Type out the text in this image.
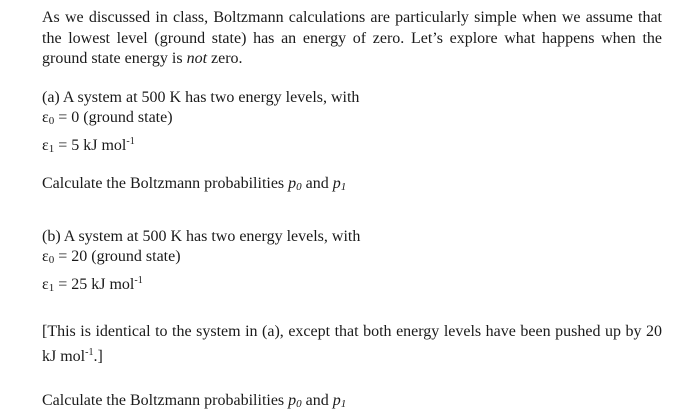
As we discussed in class, Boltzmann calculations are particularly simple when we assume that the lowest level (ground state) has an energy of zero. Let’s explore what happens when the ground state energy is not zero.

(a) A system at 500 K has two energy levels, with

ε0 = 0 (ground state)

ε1 = 5 kJ mol$^{-1}$

Calculate the Boltzmann probabilities p0 and p1

(b) A system at 500 K has two energy levels, with

ε0 = 20 (ground state)

ε1 = 25 kJ mol$^{-1}$

[This is identical to the system in (a), except that both energy levels have been pushed up by 20 kJ mol$^{-1}$.]

Calculate the Boltzmann probabilities p0 and p1
